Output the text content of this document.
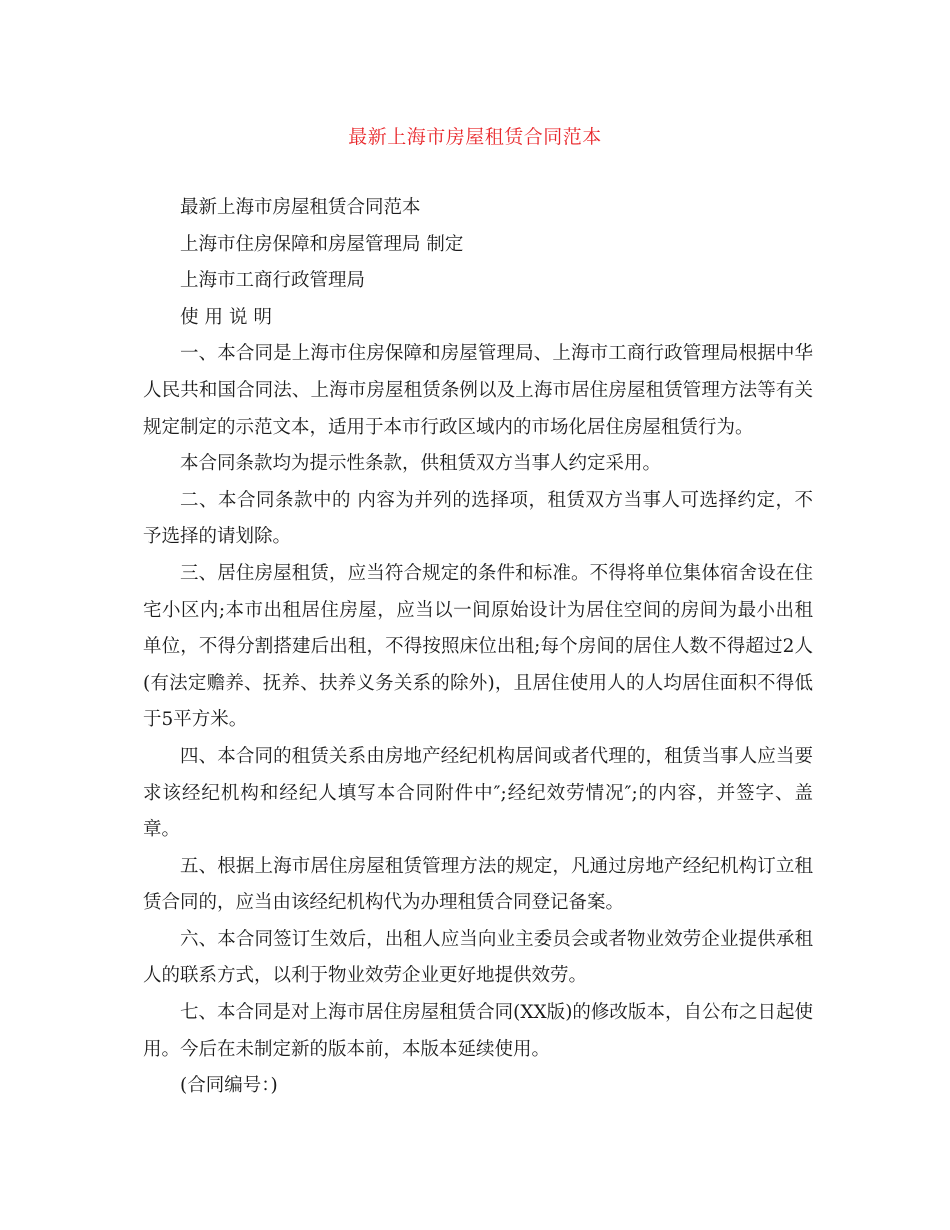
最新上海市房屋租赁合同范本

最新上海市房屋租赁合同范本

上海市住房保障和房屋管理局 制定

上海市工商行政管理局

使用说明

一、本合同是上海市住房保障和房屋管理局、上海市工商行政管理局根据中华人民共和国合同法、上海市房屋租赁条例以及上海市居住房屋租赁管理方法等有关规定制定的示范文本，适用于本市行政区域内的市场化居住房屋租赁行为。

本合同条款均为提示性条款，供租赁双方当事人约定采用。

二、本合同条款中的 内容为并列的选择项，租赁双方当事人可选择约定，不予选择的请划除。

三、居住房屋租赁，应当符合规定的条件和标准。不得将单位集体宿舍设在住宅小区内;本市出租居住房屋，应当以一间原始设计为居住空间的房间为最小出租单位，不得分割搭建后出租，不得按照床位出租;每个房间的居住人数不得超过2人(有法定赡养、抚养、扶养义务关系的除外)，且居住使用人的人均居住面积不得低于5平方米。

四、本合同的租赁关系由房地产经纪机构居间或者代理的，租赁当事人应当要求该经纪机构和经纪人填写本合同附件中″;经纪效劳情况″;的内容，并签字、盖章。

五、根据上海市居住房屋租赁管理方法的规定，凡通过房地产经纪机构订立租赁合同的，应当由该经纪机构代为办理租赁合同登记备案。

六、本合同签订生效后，出租人应当向业主委员会或者物业效劳企业提供承租人的联系方式，以利于物业效劳企业更好地提供效劳。

七、本合同是对上海市居住房屋租赁合同(XX版)的修改版本，自公布之日起使用。今后在未制定新的版本前，本版本延续使用。

(合同编号：)
